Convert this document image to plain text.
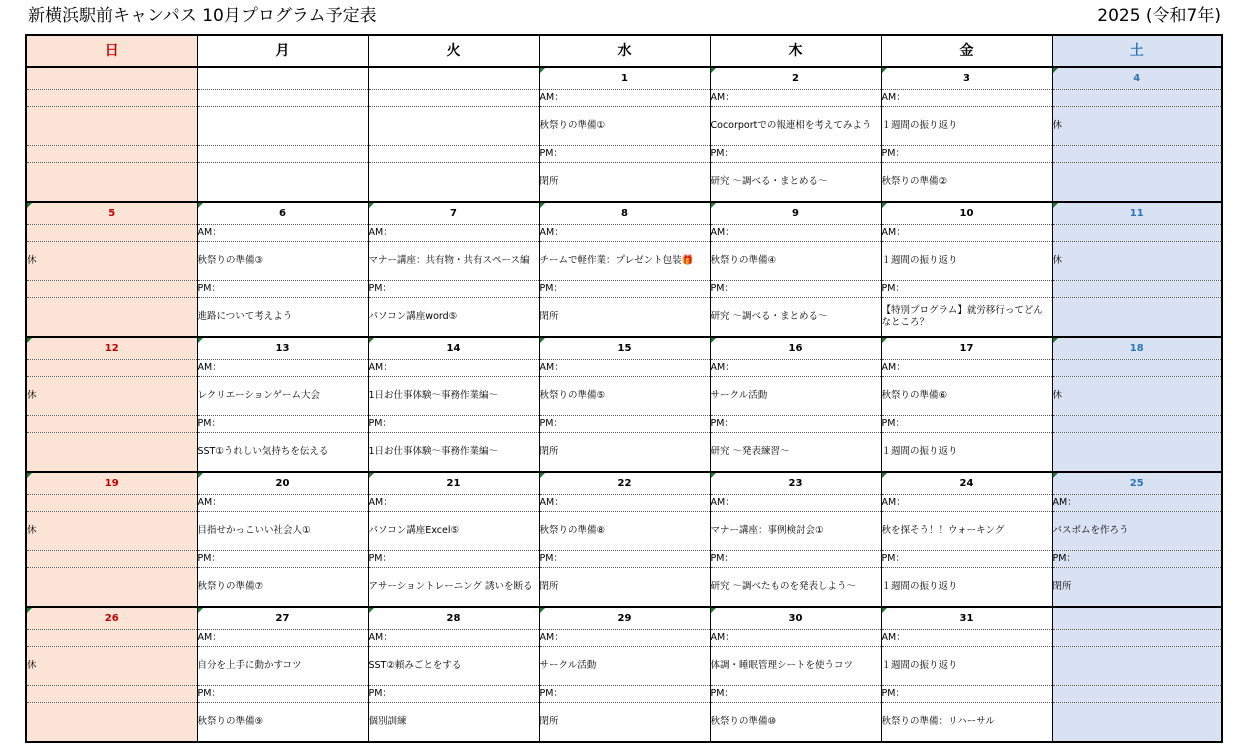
新横浜駅前キャンパス 10月プログラム予定表	2025 (令和7年)
日	月	火	水	木	金	土
			1	2	3	4
			AM：	AM：	AM：	
			秋祭りの準備①	Cocorportでの報連相を考えてみよう	１週間の振り返り	休
			PM：	PM：	PM：	
			閉所	研究 ～調べる・まとめる～	秋祭りの準備②	
5	6	7	8	9	10	11
	AM：	AM：	AM：	AM：	AM：	
休	秋祭りの準備③	マナー講座：共有物・共有スペース編	チームで軽作業：プレゼント包装🎁	秋祭りの準備④	１週間の振り返り	休
	PM：	PM：	PM：	PM：	PM：	
	進路について考えよう	パソコン講座word⑤	閉所	研究 ～調べる・まとめる～	【特別プログラム】就労移行ってどんなところ？	
12	13	14	15	16	17	18
	AM：	AM：	AM：	AM：	AM：	
休	レクリエーションゲーム大会	1日お仕事体験～事務作業編～	秋祭りの準備⑤	サークル活動	秋祭りの準備⑥	休
	PM：	PM：	PM：	PM：	PM：	
	SST①うれしい気持ちを伝える	1日お仕事体験～事務作業編～	閉所	研究 ～発表練習～	１週間の振り返り	
19	20	21	22	23	24	25
	AM：	AM：	AM：	AM：	AM：	AM：
休	目指せかっこいい社会人①	パソコン講座Excel⑤	秋祭りの準備⑧	マナー講座：事例検討会①	秋を探そう！！ウォーキング	バスボムを作ろう
	PM：	PM：	PM：	PM：	PM：	PM：
	秋祭りの準備⑦	アサーショントレーニング 誘いを断る	閉所	研究 ～調べたものを発表しよう～	１週間の振り返り	閉所
26	27	28	29	30	31	
	AM：	AM：	AM：	AM：	AM：	
休	自分を上手に動かすコツ	SST②頼みごとをする	サークル活動	体調・睡眠管理シートを使うコツ	１週間の振り返り	
	PM：	PM：	PM：	PM：	PM：	
	秋祭りの準備⑨	個別訓練	閉所	秋祭りの準備⑩	秋祭りの準備：リハーサル	
